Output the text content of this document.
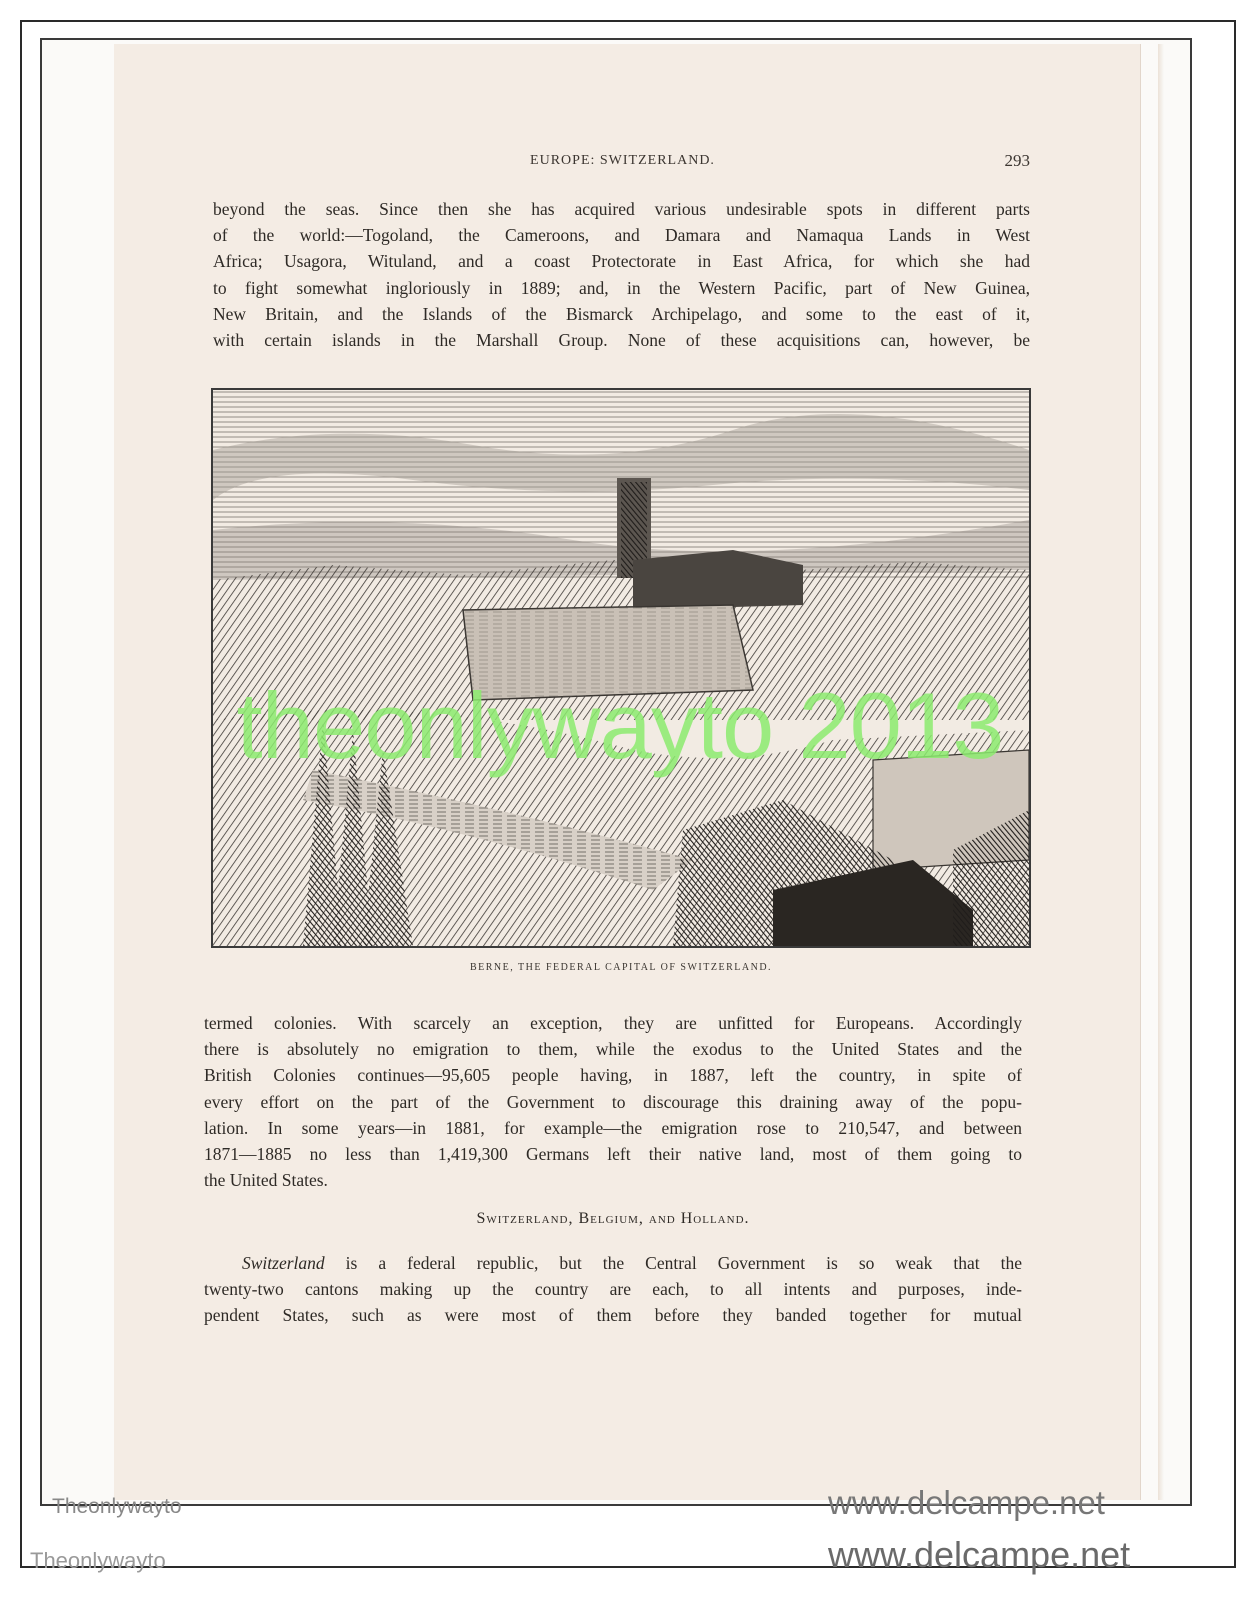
EUROPE: SWITZERLAND.	293
beyond the seas. Since then she has acquired various undesirable spots in different parts
of the world:—Togoland, the Cameroons, and Damara and Namaqua Lands in West
Africa; Usagora, Wituland, and a coast Protectorate in East Africa, for which she had
to fight somewhat ingloriously in 1889; and, in the Western Pacific, part of New Guinea,
New Britain, and the Islands of the Bismarck Archipelago, and some to the east of it,
with certain islands in the Marshall Group. None of these acquisitions can, however, be
BERNE, THE FEDERAL CAPITAL OF SWITZERLAND.
theonlywayto 2013
termed colonies. With scarcely an exception, they are unfitted for Europeans. Accordingly
there is absolutely no emigration to them, while the exodus to the United States and the
British Colonies continues—95,605 people having, in 1887, left the country, in spite of
every effort on the part of the Government to discourage this draining away of the popu-
lation. In some years—in 1881, for example—the emigration rose to 210,547, and between
1871—1885 no less than 1,419,300 Germans left their native land, most of them going to
the United States.
Switzerland, Belgium, and Holland.
Switzerland is a federal republic, but the Central Government is so weak that the
twenty-two cantons making up the country are each, to all intents and purposes, inde-
pendent States, such as were most of them before they banded together for mutual
Theonlywayto	www.delcampe.net
Theonlywayto	www.delcampe.net
